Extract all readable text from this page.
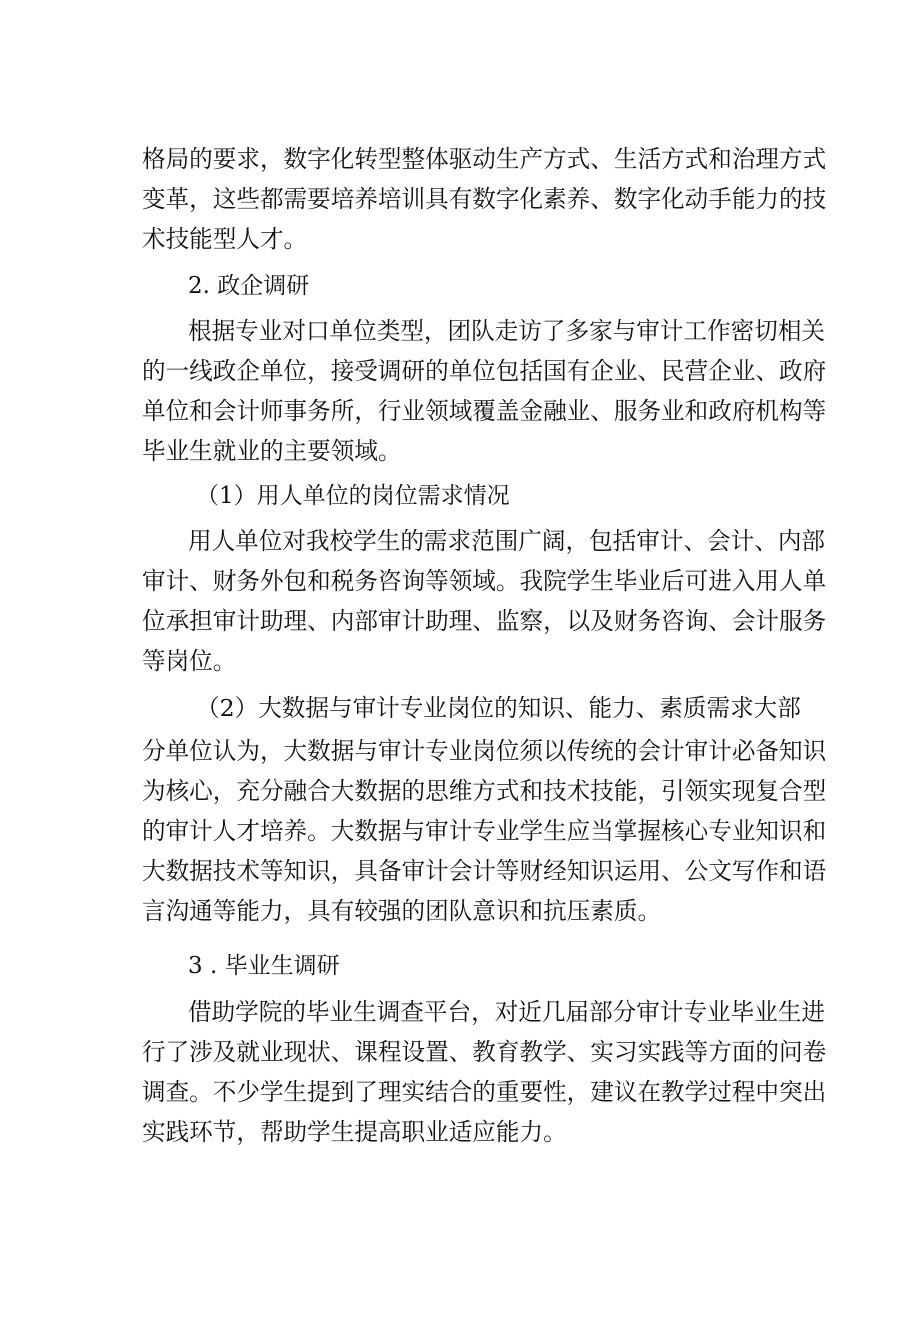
格局的要求，数字化转型整体驱动生产方式、生活方式和治理方式
变革，这些都需要培养培训具有数字化素养、数字化动手能力的技
术技能型人才。
2. 政企调研
根据专业对口单位类型，团队走访了多家与审计工作密切相关
的一线政企单位，接受调研的单位包括国有企业、民营企业、政府
单位和会计师事务所，行业领域覆盖金融业、服务业和政府机构等
毕业生就业的主要领域。
（1）用人单位的岗位需求情况
用人单位对我校学生的需求范围广阔，包括审计、会计、内部
审计、财务外包和税务咨询等领域。我院学生毕业后可进入用人单
位承担审计助理、内部审计助理、监察，以及财务咨询、会计服务
等岗位。
（2）大数据与审计专业岗位的知识、能力、素质需求大部
分单位认为，大数据与审计专业岗位须以传统的会计审计必备知识
为核心，充分融合大数据的思维方式和技术技能，引领实现复合型
的审计人才培养。大数据与审计专业学生应当掌握核心专业知识和
大数据技术等知识，具备审计会计等财经知识运用、公文写作和语
言沟通等能力，具有较强的团队意识和抗压素质。
3 . 毕业生调研
借助学院的毕业生调查平台，对近几届部分审计专业毕业生进
行了涉及就业现状、课程设置、教育教学、实习实践等方面的问卷
调查。不少学生提到了理实结合的重要性，建议在教学过程中突出
实践环节，帮助学生提高职业适应能力。
